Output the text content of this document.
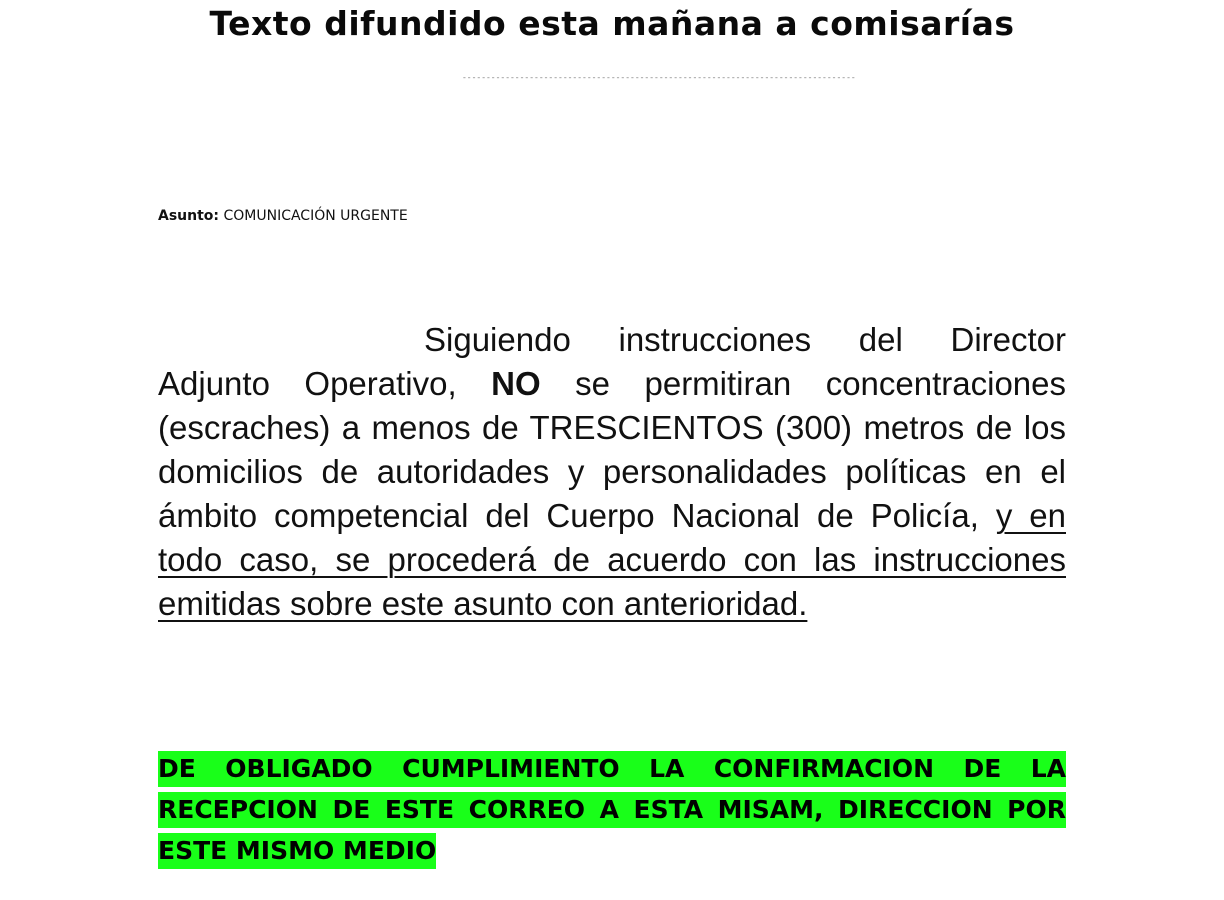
Texto difundido esta mañana a comisarías
----------------------------------------------------------------------------------
Asunto: COMUNICACIÓN URGENTE
Siguiendo instrucciones del Director Adjunto Operativo, NO se permitiran concentraciones (escraches) a menos de TRESCIENTOS (300) metros de los domicilios de autoridades y personalidades políticas en el ámbito competencial del Cuerpo Nacional de Policía, y en todo caso, se procederá de acuerdo con las instrucciones emitidas sobre este asunto con anterioridad.
DE OBLIGADO CUMPLIMIENTO LA CONFIRMACION DE LA RECEPCION DE ESTE CORREO A ESTA MISAM, DIRECCION POR ESTE MISMO MEDIO
